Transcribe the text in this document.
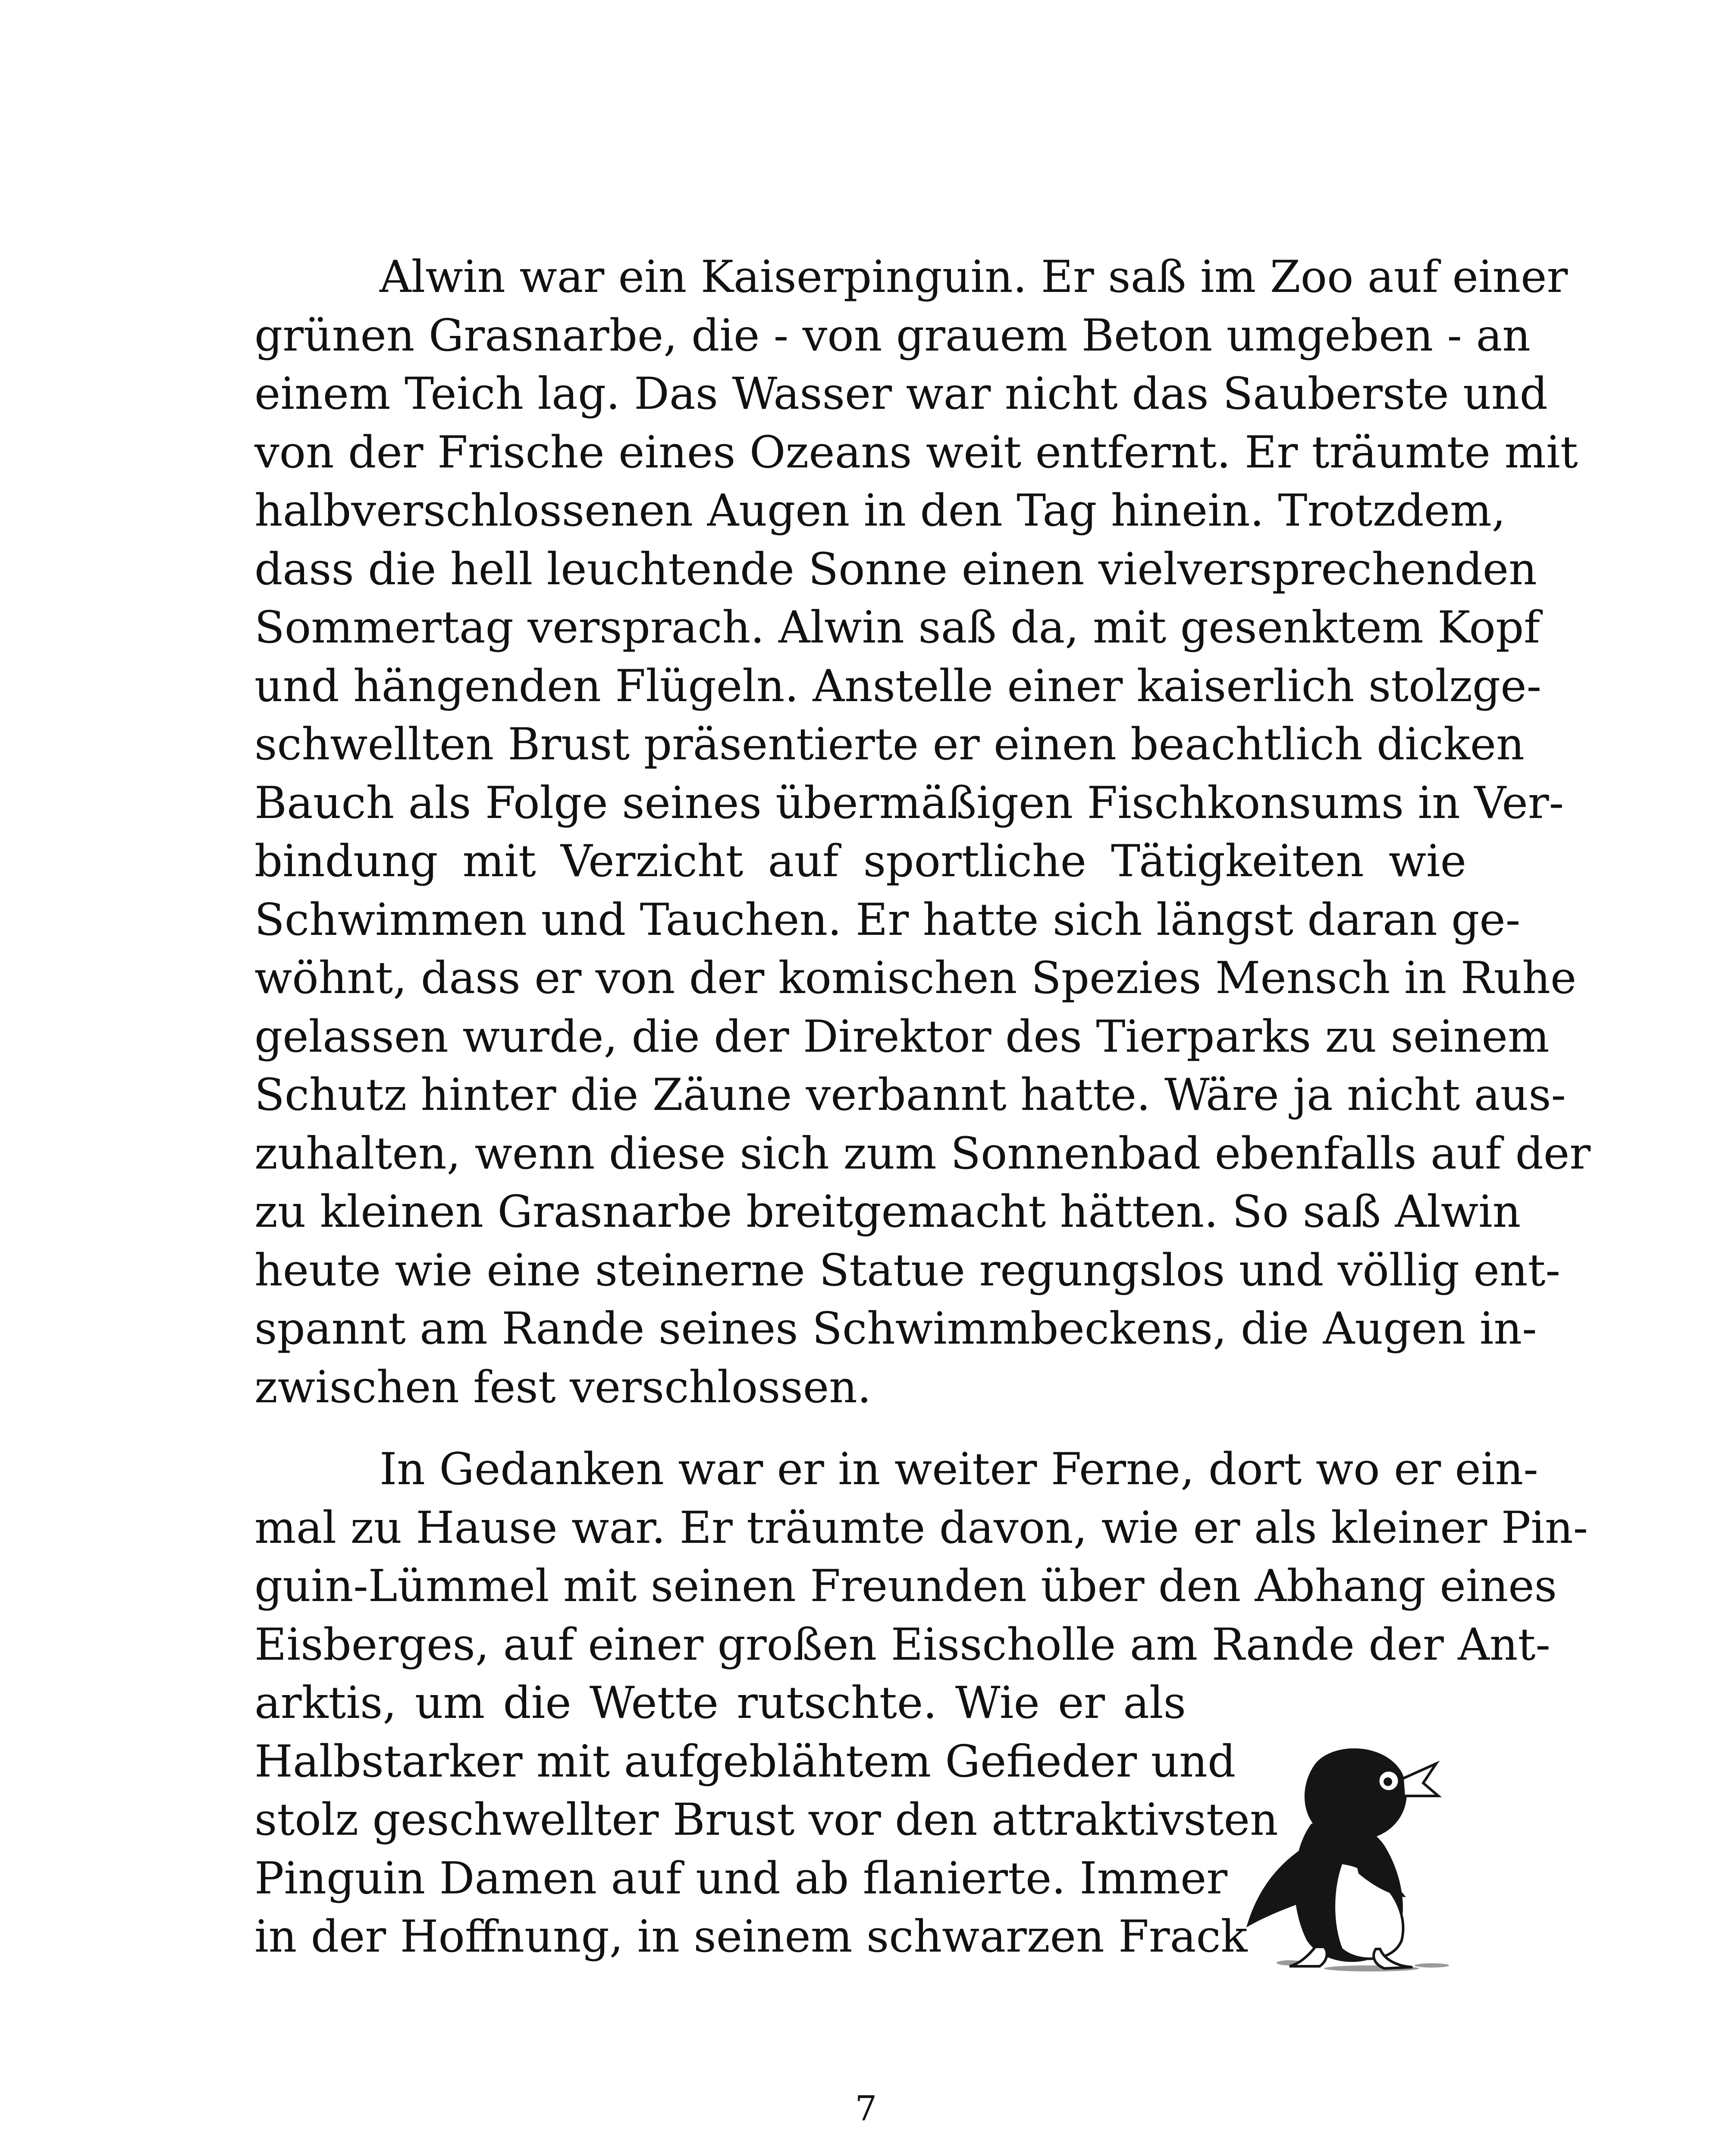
Alwin war ein Kaiserpinguin. Er saß im Zoo auf einer
grünen Grasnarbe, die - von grauem Beton umgeben - an
einem Teich lag. Das Wasser war nicht das Sauberste und
von der Frische eines Ozeans weit entfernt. Er träumte mit
halbverschlossenen Augen in den Tag hinein. Trotzdem,
dass die hell leuchtende Sonne einen vielversprechenden
Sommertag versprach. Alwin saß da, mit gesenktem Kopf
und hängenden Flügeln. Anstelle einer kaiserlich stolzge-
schwellten Brust präsentierte er einen beachtlich dicken
Bauch als Folge seines übermäßigen Fischkonsums in Ver-
bindung mit Verzicht auf sportliche Tätigkeiten wie
Schwimmen und Tauchen. Er hatte sich längst daran ge-
wöhnt, dass er von der komischen Spezies Mensch in Ruhe
gelassen wurde, die der Direktor des Tierparks zu seinem
Schutz hinter die Zäune verbannt hatte. Wäre ja nicht aus-
zuhalten, wenn diese sich zum Sonnenbad ebenfalls auf der
zu kleinen Grasnarbe breitgemacht hätten. So saß Alwin
heute wie eine steinerne Statue regungslos und völlig ent-
spannt am Rande seines Schwimmbeckens, die Augen in-
zwischen fest verschlossen.
In Gedanken war er in weiter Ferne, dort wo er ein-
mal zu Hause war. Er träumte davon, wie er als kleiner Pin-
guin-Lümmel mit seinen Freunden über den Abhang eines
Eisberges, auf einer großen Eisscholle am Rande der Ant-
arktis, um die Wette rutschte. Wie er als
Halbstarker mit aufgeblähtem Gefieder und
stolz geschwellter Brust vor den attraktivsten
Pinguin Damen auf und ab flanierte. Immer
in der Hoffnung, in seinem schwarzen Frack
7
